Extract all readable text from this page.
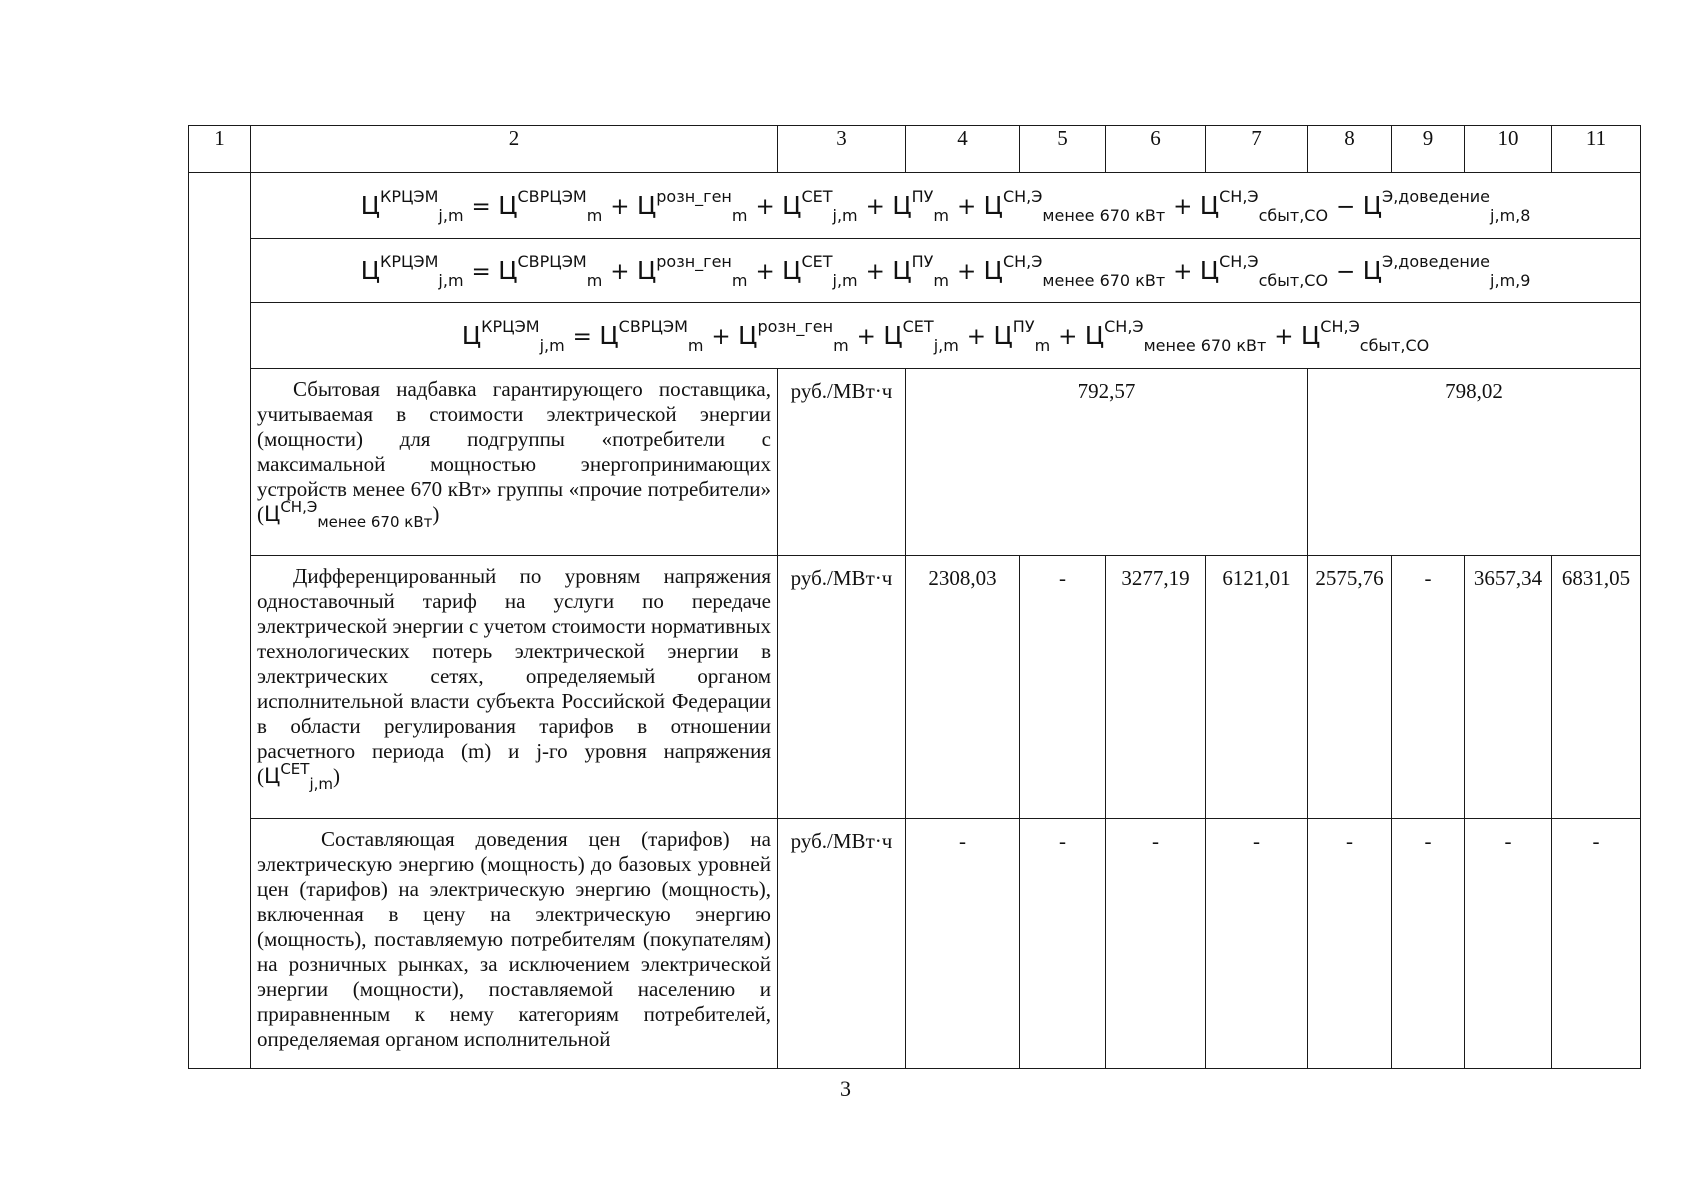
1	2	3	4	5	6	7	8	9	10	11
	$Ц^{КРЦЭМ}_{j,m} = Ц^{СВРЦЭМ}_m + Ц^{розн\_ген}_m + Ц^{СЕТ}_{j,m} + Ц^{ПУ}_m + Ц^{СН,Э}_{менее 670 кВт} + Ц^{СН,Э}_{сбыт,СО} - Ц^{Э,доведение}_{j,m,8}$
	$Ц^{КРЦЭМ}_{j,m} = Ц^{СВРЦЭМ}_m + Ц^{розн\_ген}_m + Ц^{СЕТ}_{j,m} + Ц^{ПУ}_m + Ц^{СН,Э}_{менее 670 кВт} + Ц^{СН,Э}_{сбыт,СО} - Ц^{Э,доведение}_{j,m,9}$
	$Ц^{КРЦЭМ}_{j,m} = Ц^{СВРЦЭМ}_m + Ц^{розн\_ген}_m + Ц^{СЕТ}_{j,m} + Ц^{ПУ}_m + Ц^{СН,Э}_{менее 670 кВт} + Ц^{СН,Э}_{сбыт,СО}$
	Сбытовая надбавка гарантирующего поставщика, учитываемая в стоимости электрической энергии (мощности) для подгруппы «потребители с максимальной мощностью энергопринимающих устройств менее 670 кВт» группы «прочие потребители» $(Ц^{СН,Э}_{менее 670 кВт})$	руб./МВт·ч	792,57				798,02			
	Дифференцированный по уровням напряжения одноставочный тариф на услуги по передаче электрической энергии с учетом стоимости нормативных технологических потерь электрической энергии в электрических сетях, определяемый органом исполнительной власти субъекта Российской Федерации в области регулирования тарифов в отношении расчетного периода (m) и j-го уровня напряжения $(Ц^{СЕТ}_{j,m})$	руб./МВт·ч	2308,03	-	3277,19	6121,01	2575,76	-	3657,34	6831,05
	Составляющая доведения цен (тарифов) на электрическую энергию (мощность) до базовых уровней цен (тарифов) на электрическую энергию (мощность), включенная в цену на электрическую энергию (мощность), поставляемую потребителям (покупателям) на розничных рынках, за исключением электрической энергии (мощности), поставляемой населению и приравненным к нему категориям потребителей, определяемая органом исполнительной	руб./МВт·ч	-	-	-	-	-	-	-	-
3
